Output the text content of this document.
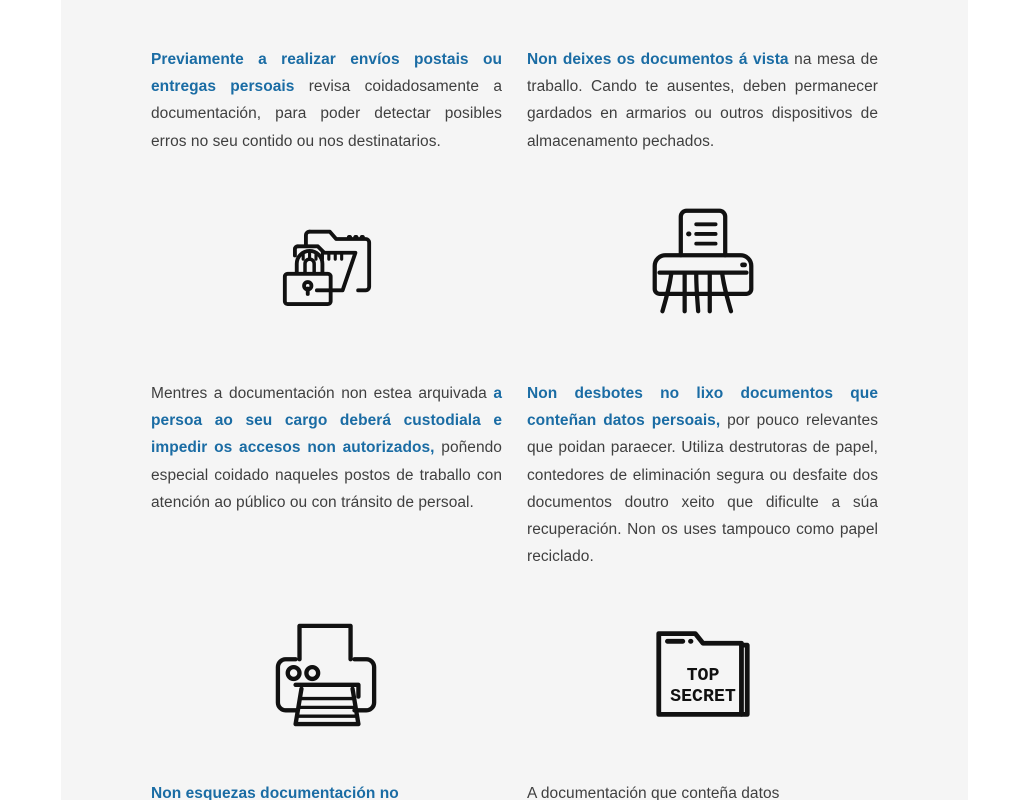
Previamente a realizar envíos postais ou entregas persoais revisa coidadosamente a documentación, para poder detectar posibles erros no seu contido ou nos destinatarios.

Non deixes os documentos á vista na mesa de traballo. Cando te ausentes, deben permanecer gardados en armarios ou outros dispositivos de almacenamento pechados.

Mentres a documentación non estea arquivada a persoa ao seu cargo deberá custodiala e impedir os accesos non autorizados, poñendo especial coidado naqueles postos de traballo con atención ao público ou con tránsito de persoal.

Non desbotes no lixo documentos que conteñan datos persoais, por pouco relevantes que poidan paraecer. Utiliza destrutoras de papel, contedores de eliminación segura ou desfaite dos documentos doutro xeito que dificulte a súa recuperación. Non os uses tampouco como papel reciclado.

TOP
SECRET

Non esquezas documentación no	A documentación que conteña datos
